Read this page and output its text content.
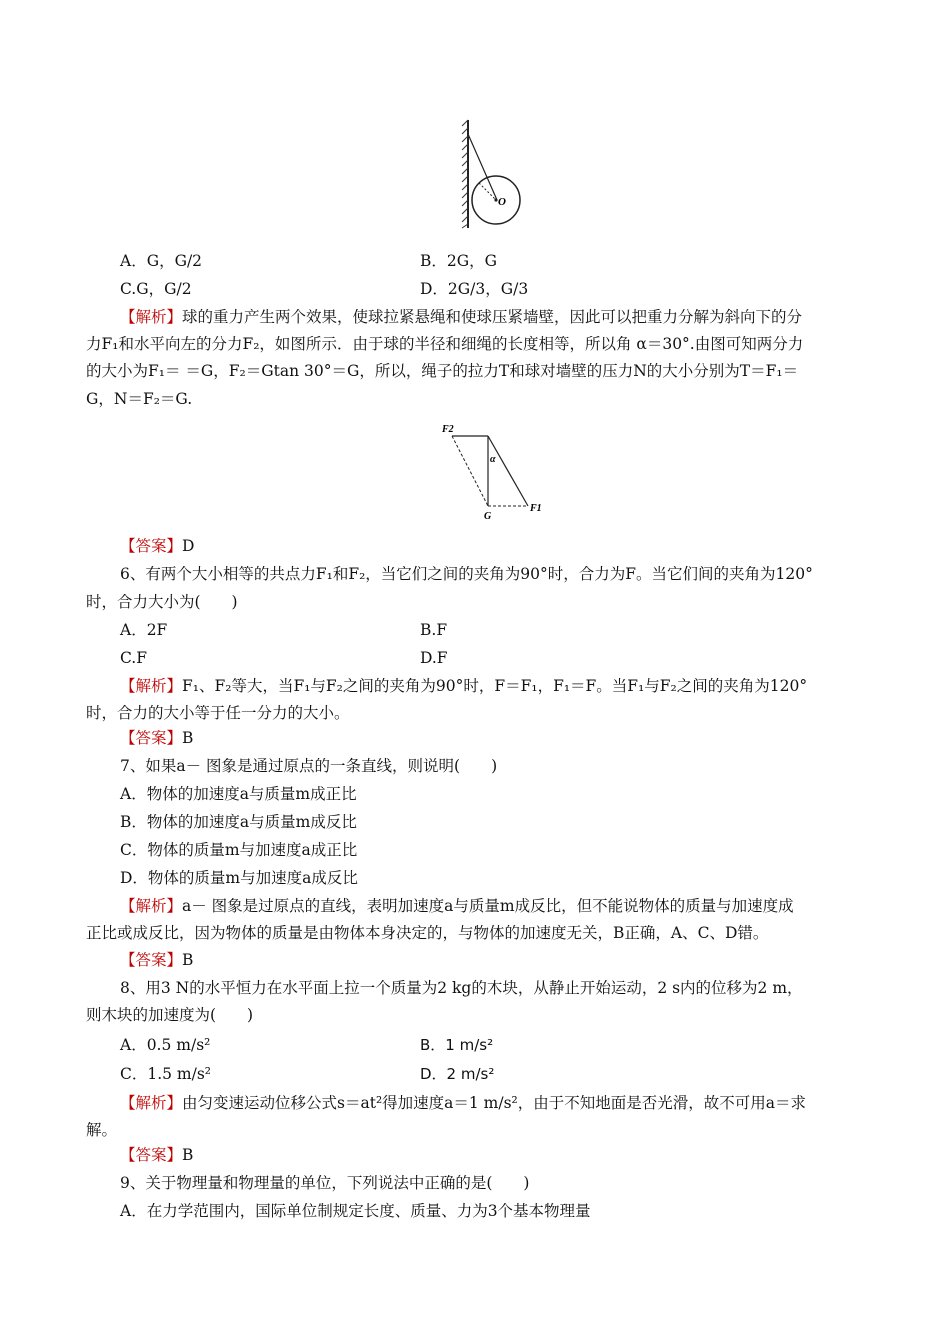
O
A．G，G/2	B．2G，G
C.G，G/2	D．2G/3，G/3
【解析】球的重力产生两个效果，使球拉紧悬绳和使球压紧墙壁，因此可以把重力分解为斜向下的分
力F₁和水平向左的分力F₂，如图所示．由于球的半径和细绳的长度相等，所以角 α＝30°.由图可知两分力
的大小为F₁＝ ＝G，F₂＝Gtan 30°＝G，所以，绳子的拉力T和球对墙壁的压力N的大小分别为T＝F₁＝
G，N＝F₂＝G.
F2
α
G
F1
【答案】D
6、有两个大小相等的共点力F₁和F₂，当它们之间的夹角为90°时，合力为F。当它们间的夹角为120°
时，合力大小为(　　)
A．2F	B.F
C.F	D.F
【解析】F₁、F₂等大，当F₁与F₂之间的夹角为90°时，F＝F₁，F₁＝F。当F₁与F₂之间的夹角为120°
时，合力的大小等于任一分力的大小。
【答案】B
7、如果a－ 图象是通过原点的一条直线，则说明(　　)
A．物体的加速度a与质量m成正比
B．物体的加速度a与质量m成反比
C．物体的质量m与加速度a成正比
D．物体的质量m与加速度a成反比
【解析】a－ 图象是过原点的直线，表明加速度a与质量m成反比，但不能说物体的质量与加速度成
正比或成反比，因为物体的质量是由物体本身决定的，与物体的加速度无关，B正确，A、C、D错。
【答案】B
8、用3 N的水平恒力在水平面上拉一个质量为2 kg的木块，从静止开始运动，2 s内的位移为2 m，
则木块的加速度为(　　)
A．0.5 m/s²	B．1 m/s²
C．1.5 m/s²	D．2 m/s²
【解析】由匀变速运动位移公式s＝at²得加速度a＝1 m/s²，由于不知地面是否光滑，故不可用a＝求
解。
【答案】B
9、关于物理量和物理量的单位，下列说法中正确的是(　　)
A．在力学范围内，国际单位制规定长度、质量、力为3个基本物理量
